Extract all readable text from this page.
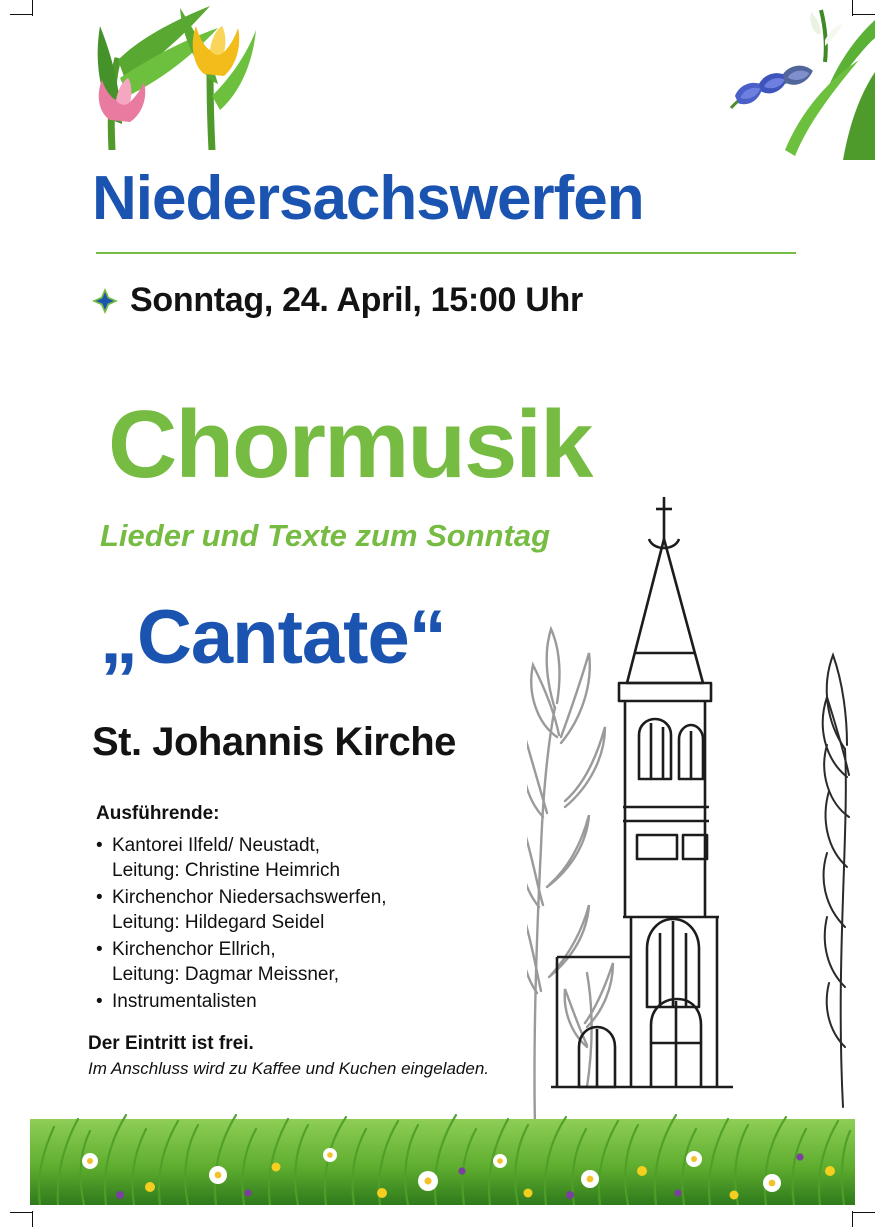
Niedersachswerfen
Sonntag, 24. April, 15:00 Uhr
Chormusik
Lieder und Texte zum Sonntag
„Cantate“
St. Johannis Kirche
Ausführende:
• Kantorei Ilfeld/ Neustadt,
Leitung: Christine Heimrich
• Kirchenchor Niedersachswerfen,
Leitung: Hildegard Seidel
• Kirchenchor Ellrich,
Leitung: Dagmar Meissner,
• Instrumentalisten
Der Eintritt ist frei.
Im Anschluss wird zu Kaffee und Kuchen eingeladen.
